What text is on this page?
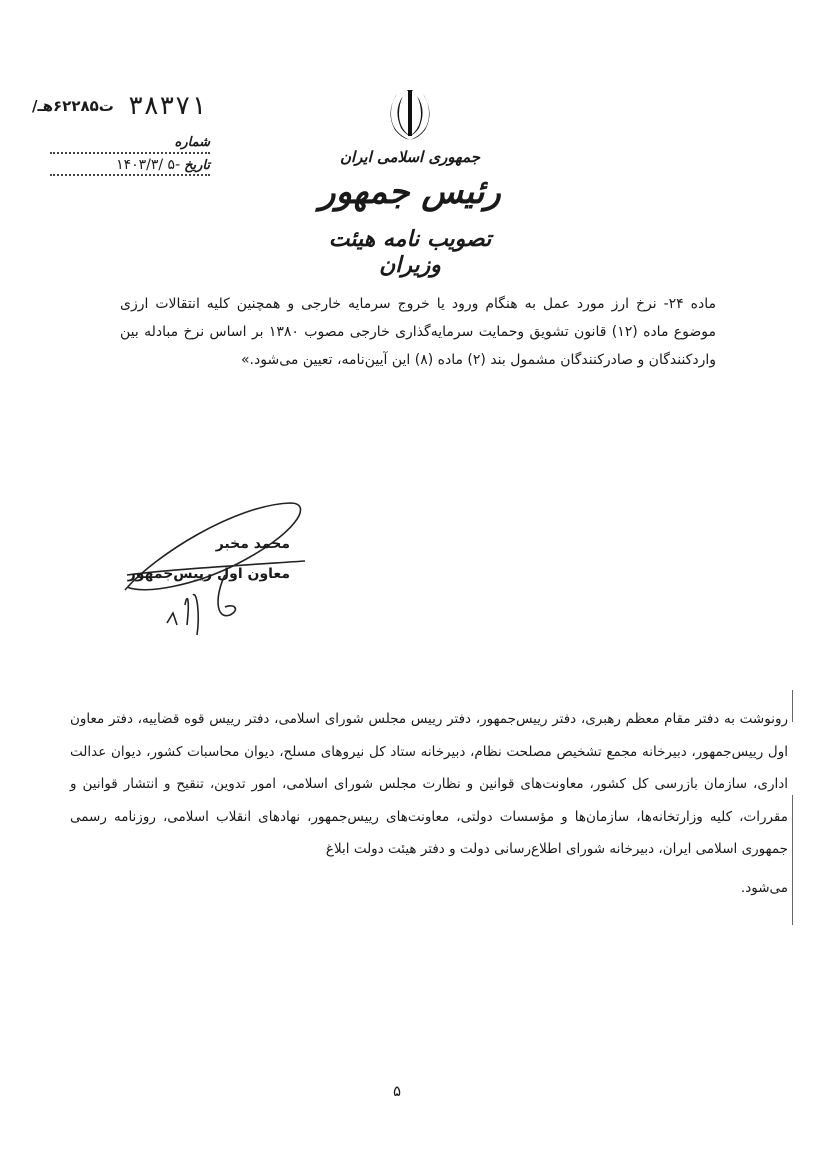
/ت۶۲۲۸۵هـ ۳۸۳۷۱
شماره
تاریخ
۱۴۰۳/۳/ ۵-	جمهوری اسلامی ایران
رئیس جمهور
تصویب نامه هیئت وزیران
ماده ۲۴- نرخ ارز مورد عمل به هنگام ورود یا خروج سرمایه خارجی و همچنین کلیه انتقالات ارزی موضوع ماده (۱۲) قانون تشویق وحمایت سرمایه‌گذاری خارجی مصوب ۱۳۸۰ بر اساس نرخ مبادله بین واردکنندگان و صادرکنندگان مشمول بند (۲) ماده (۸) این آیین‌نامه، تعیین می‌شود.»
محمد مخبر
معاون اول رییس‌جمهور
رونوشت به دفتر مقام معظم رهبری، دفتر رییس‌جمهور، دفتر رییس مجلس شورای اسلامی، دفتر رییس قوه قضاییه، دفتر معاون اول رییس‌جمهور، دبیرخانه مجمع تشخیص مصلحت نظام، دبیرخانه ستاد کل نیروهای مسلح، دیوان محاسبات کشور، دیوان عدالت اداری، سازمان بازرسی کل کشور، معاونت‌های قوانین و نظارت مجلس شورای اسلامی، امور تدوین، تنقیح و انتشار قوانین و مقررات، کلیه وزارتخانه‌ها، سازمان‌ها و مؤسسات دولتی، معاونت‌های رییس‌جمهور، نهادهای انقلاب اسلامی، روزنامه رسمی جمهوری اسلامی ایران، دبیرخانه شورای اطلاع‌رسانی دولت و دفتر هیئت دولت ابلاغ
می‌شود.
۵
